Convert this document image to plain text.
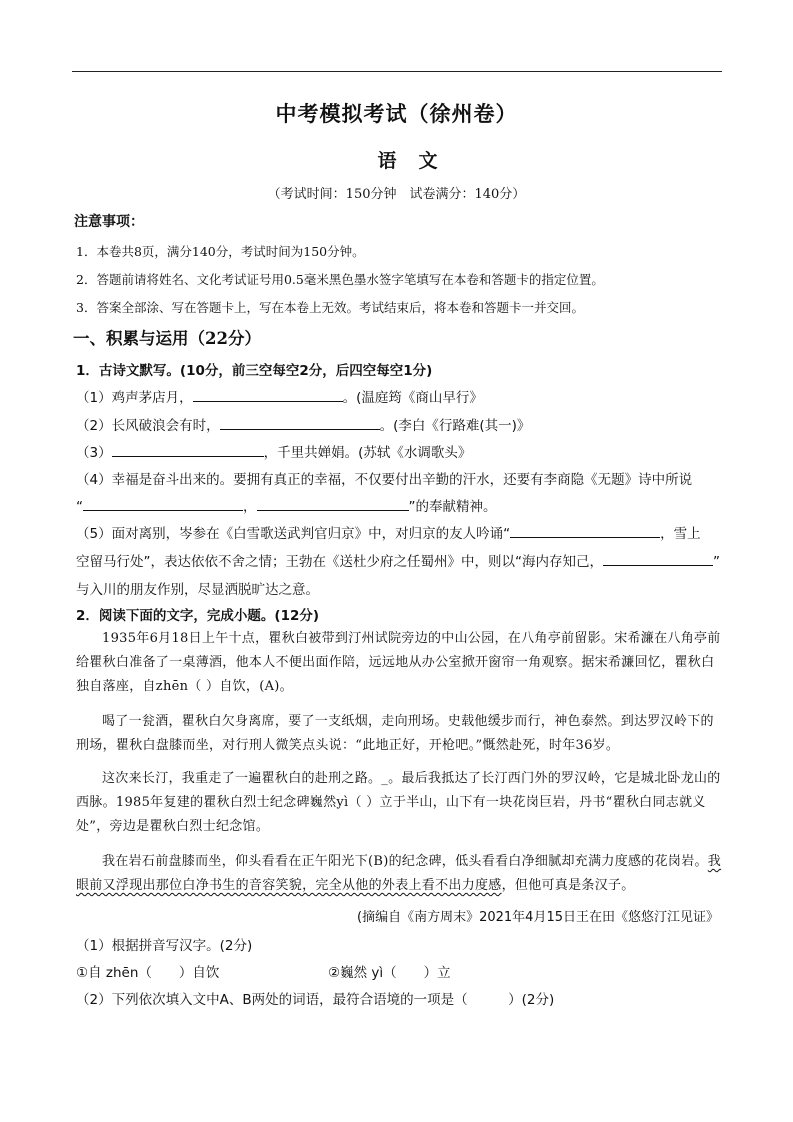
中考模拟考试（徐州卷）
语文
（考试时间：150分钟　试卷满分：140分）
注意事项：
1．本卷共8页，满分140分，考试时间为150分钟。
2．答题前请将姓名、文化考试证号用0.5毫米黑色墨水签字笔填写在本卷和答题卡的指定位置。
3．答案全部涂、写在答题卡上，写在本卷上无效。考试结束后，将本卷和答题卡一并交回。
一、积累与运用（22分）
1．古诗文默写。(10分，前三空每空2分，后四空每空1分)
（1）鸡声茅店月，	。(温庭筠《商山早行》
（2）长风破浪会有时，	。(李白《行路难(其一)》
（3）	，千里共婵娟。(苏轼《水调歌头》
（4）幸福是奋斗出来的。要拥有真正的幸福，不仅要付出辛勤的汗水，还要有李商隐《无题》诗中所说
“	，	”的奉献精神。
（5）面对离别，岑参在《白雪歌送武判官归京》中，对归京的友人吟诵“	，雪上
空留马行处”，表达依依不舍之情；王勃在《送杜少府之任蜀州》中，则以“海内存知己，	”
与入川的朋友作别，尽显洒脱旷达之意。
2．阅读下面的文字，完成小题。(12分)
1935年6月18日上午十点，瞿秋白被带到汀州试院旁边的中山公园，在八角亭前留影。宋希濂在八角亭前给瞿秋白准备了一桌薄酒，他本人不便出面作陪，远远地从办公室掀开窗帘一角观察。据宋希濂回忆，瞿秋白独自落座，自zhēn（ ）自饮，(A)。
喝了一瓮酒，瞿秋白欠身离席，要了一支纸烟，走向刑场。史载他缓步而行，神色泰然。到达罗汉岭下的刑场，瞿秋白盘膝而坐，对行刑人微笑点头说：“此地正好，开枪吧。”慨然赴死，时年36岁。
这次来长汀，我重走了一遍瞿秋白的赴刑之路。_。最后我抵达了长汀西门外的罗汉岭，它是城北卧龙山的西脉。1985年复建的瞿秋白烈士纪念碑巍然yì（ ）立于半山，山下有一块花岗巨岩，丹书“瞿秋白同志就义处”，旁边是瞿秋白烈士纪念馆。
我在岩石前盘膝而坐，仰头看看在正午阳光下(B)的纪念碑，低头看看白净细腻却充满力度感的花岗岩。我眼前又浮现出那位白净书生的音容笑貌，完全从他的外表上看不出力度感，但他可真是条汉子。
(摘编自《南方周末》2021年4月15日王在田《悠悠汀江见证》
（1）根据拼音写汉字。(2分)
①自 zhēn（　　）自饮	②巍然 yì（　　）立
（2）下列依次填入文中A、B两处的词语，最符合语境的一项是（　　　）(2分)
